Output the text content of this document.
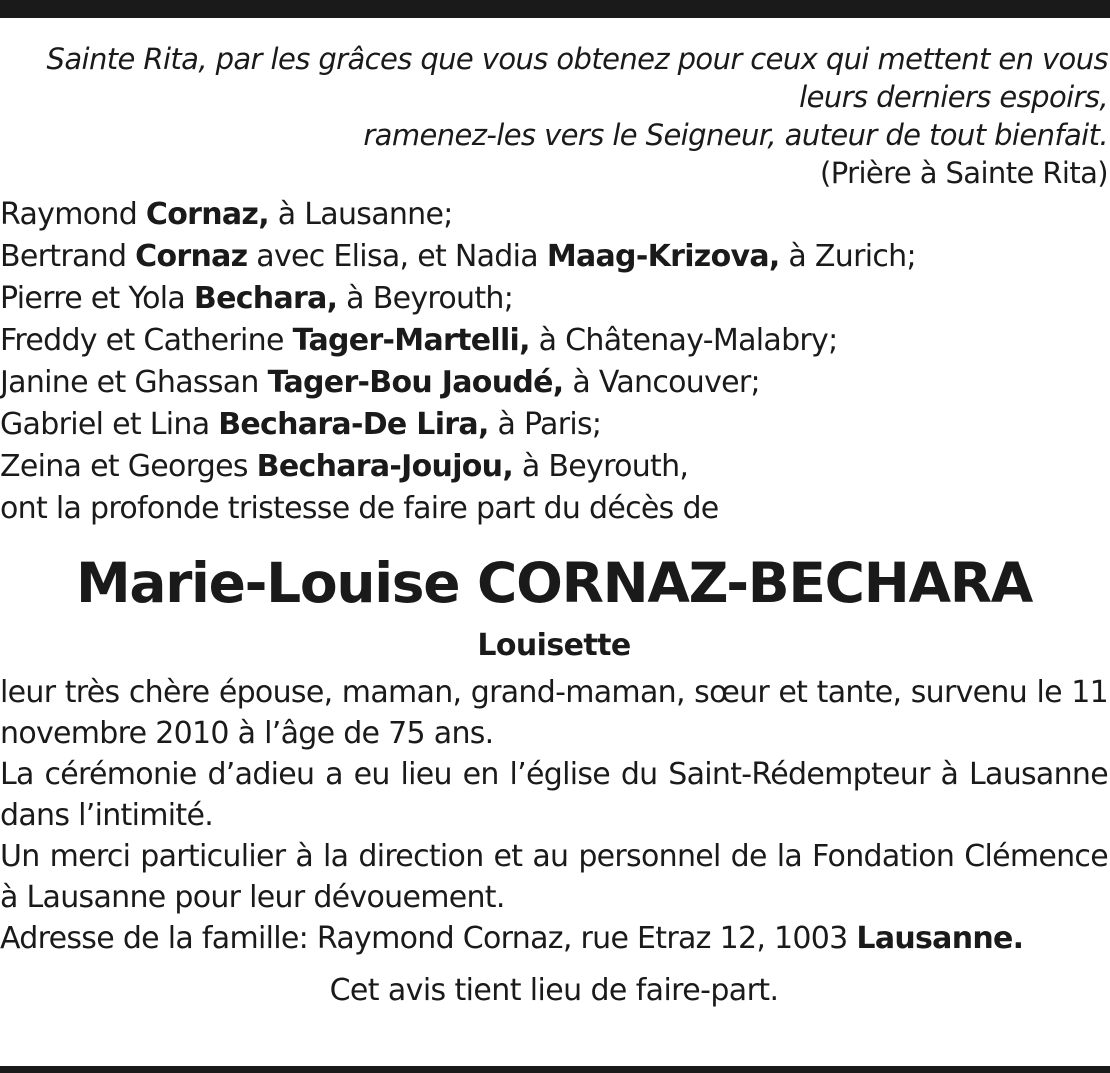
Sainte Rita, par les grâces que vous obtenez pour ceux qui mettent en vous
leurs derniers espoirs,
ramenez-les vers le Seigneur, auteur de tout bienfait.
(Prière à Sainte Rita)
Raymond Cornaz, à Lausanne;
Bertrand Cornaz avec Elisa, et Nadia Maag-Krizova, à Zurich;
Pierre et Yola Bechara, à Beyrouth;
Freddy et Catherine Tager-Martelli, à Châtenay-Malabry;
Janine et Ghassan Tager-Bou Jaoudé, à Vancouver;
Gabriel et Lina Bechara-De Lira, à Paris;
Zeina et Georges Bechara-Joujou, à Beyrouth,
ont la profonde tristesse de faire part du décès de
Marie-Louise CORNAZ-BECHARA
Louisette

leur très chère épouse, maman, grand-maman, sœur et tante, survenu le 11 novembre 2010 à l’âge de 75 ans.

La cérémonie d’adieu a eu lieu en l’église du Saint-Rédempteur à Lausanne dans l’intimité.

Un merci particulier à la direction et au personnel de la Fondation Clémence à Lausanne pour leur dévouement.

Adresse de la famille: Raymond Cornaz, rue Etraz 12, 1003 Lausanne.

Cet avis tient lieu de faire-part.
